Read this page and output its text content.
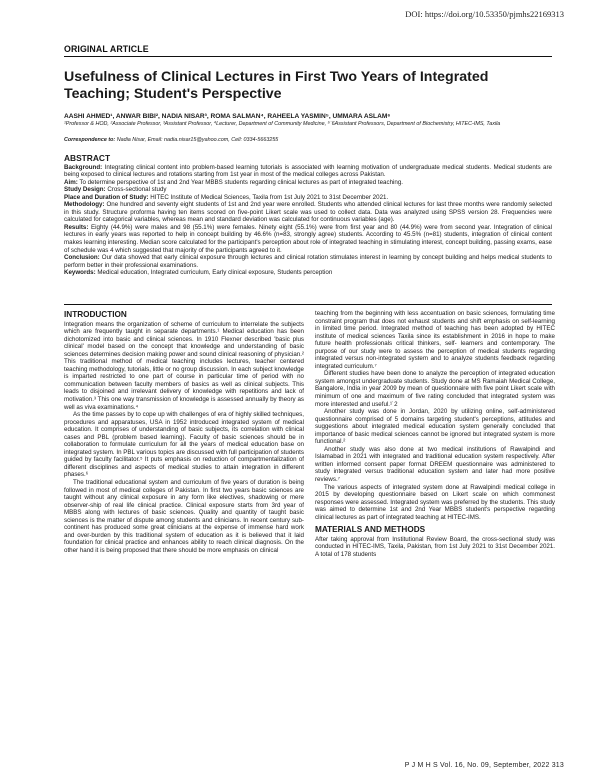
DOI: https://doi.org/10.53350/pjmhs22169313
ORIGINAL ARTICLE
Usefulness of Clinical Lectures in First Two Years of Integrated Teaching; Student's Perspective
AASHI AHMED¹, ANWAR BIBI², NADIA NISAR³, ROMA SALMAN⁴, RAHEELA YASMIN⁵, UMMARA ASLAM⁶
¹Professor & HOD, ²Associate Professor, ³Assistant Professor, ⁴Lecturer, Department of Community Medicine, ⁵˙6Assistant Professors, Department of Biochemistry, HITEC-IMS, Taxila
Correspondence to: Nadia Nisar, Email: nadia.nisar15@yahoo.com, Cell: 0334-5663255
ABSTRACT

Background: Integrating clinical content into problem-based learning tutorials is associated with learning motivation of undergraduate medical students. Medical students are being exposed to clinical lectures and rotations starting from 1st year in most of the medical colleges across Pakistan.

Aim: To determine perspective of 1st and 2nd Year MBBS students regarding clinical lectures as part of integrated teaching.

Study Design: Cross-sectional study

Place and Duration of Study: HITEC Institute of Medical Sciences, Taxila from 1st July 2021 to 31st December 2021.

Methodology: One hundred and seventy eight students of 1st and 2nd year were enrolled. Students who attended clinical lectures for last three months were randomly selected in this study. Structure proforma having ten items scored on five-point Likert scale was used to collect data. Data was analyzed using SPSS version 28. Frequencies were calculated for categorical variables, whereas mean and standard deviation was calculated for continuous variables (age).

Results: Eighty (44.9%) were males and 98 (55.1%) were females. Ninety eight (55.1%) were from first year and 80 (44.9%) were from second year. Integration of clinical lectures in early years was reported to help in concept building by 46.6% (n=83, strongly agree) students. According to 45.5% (n=81) students, integration of clinical content makes learning interesting. Median score calculated for the participant's perception about role of integrated teaching in stimulating interest, concept building, passing exams, ease of schedule was 4 which suggested that majority of the participants agreed to it.

Conclusion: Our data showed that early clinical exposure through lectures and clinical rotation stimulates interest in learning by concept building and helps medical students to perform better in their professional examinations.

Keywords: Medical education, Integrated curriculum, Early clinical exposure, Students perception

INTRODUCTION

Integration means the organization of scheme of curriculum to interrelate the subjects which are frequently taught in separate departments.¹ Medical education has been dichotomized into basic and clinical sciences. In 1910 Flexner described 'basic plus clinical' model based on the concept that knowledge and understanding of basic sciences determines decision making power and sound clinical reasoning of physician.² This traditional method of medical teaching includes lectures, teacher centered teaching methodology, tutorials, little or no group discussion. In each subject knowledge is imparted restricted to one part of course in particular time of period with no communication between faculty members of basics as well as clinical subjects. This leads to disjoined and irrelevant delivery of knowledge with repetitions and lack of motivation.³ This one way transmission of knowledge is assessed annually by theory as well as viva examinations.⁴

As the time passes by to cope up with challenges of era of highly skilled techniques, procedures and apparatuses, USA in 1952 introduced integrated system of medical education. It comprises of understanding of basic subjects, its correlation with clinical cases and PBL (problem based learning). Faculty of basic sciences should be in collaboration to formulate curriculum for all the years of medical education base on integrated system. In PBL various topics are discussed with full participation of students guided by faculty facilitator.⁵ It puts emphasis on reduction of compartmentalization of different disciplines and aspects of medical studies to attain integration in different phases.⁶

The traditional educational system and curriculum of five years of duration is being followed in most of medical colleges of Pakistan. In first two years basic sciences are taught without any clinical exposure in any form like electives, shadowing or mere observer-ship of real life clinical practice. Clinical exposure starts from 3rd year of MBBS along with lectures of basic sciences. Quality and quantity of taught basic sciences is the matter of dispute among students and clinicians. In recent century sub-continent has produced some great clinicians at the expense of immense hard work and over-burden by this traditional system of education as it is believed that it laid foundation for clinical practice and enhances ability to reach clinical diagnosis. On the other hand it is being proposed that there should be more emphasis on clinical

teaching from the beginning with less accentuation on basic sciences, formulating time constraint program that does not exhaust students and shift emphasis on self-learning in limited time period. Integrated method of teaching has been adopted by HITEC institute of medical sciences Taxila since its establishment in 2016 in hope to make future health professionals critical thinkers, self- learners and contemporary. The purpose of our study were to assess the perception of medical students regarding integrated versus non-integrated system and to analyze students feedback regarding integrated curriculum.⁷

Different studies have been done to analyze the perception of integrated education system amongst undergraduate students. Study done at MS Ramaiah Medical College, Bangalore, India in year 2009 by mean of questionnaire with five point Likert scale with minimum of one and maximum of five rating concluded that integrated system was more interested and useful.¹˙2

Another study was done in Jordan, 2020 by utilizing online, self-administered questionnaire comprised of 5 domains targeting student's perceptions, attitudes and suggestions about integrated medical education system generally concluded that importance of basic medical sciences cannot be ignored but integrated system is more functional.²

Another study was also done at two medical institutions of Rawalpindi and Islamabad in 2021 with integrated and traditional education system respectively. After written informed consent paper format DREEM questionnaire was administered to study integrated versus traditional education system and later had more positive reviews.⁷

The various aspects of integrated system done at Rawalpindi medical college in 2015 by developing questionnaire based on Likert scale on which commonest responses were assessed. Integrated system was preferred by the students. This study was aimed to determine 1st and 2nd Year MBBS student's perspective regarding clinical lectures as part of integrated teaching at HITEC-IMS.

MATERIALS AND METHODS

After taking approval from Institutional Review Board, the cross-sectional study was conducted in HITEC-IMS, Taxila, Pakistan, from 1st July 2021 to 31st December 2021. A total of 178 students

P J M H S Vol. 16, No. 09, September, 2022 313
